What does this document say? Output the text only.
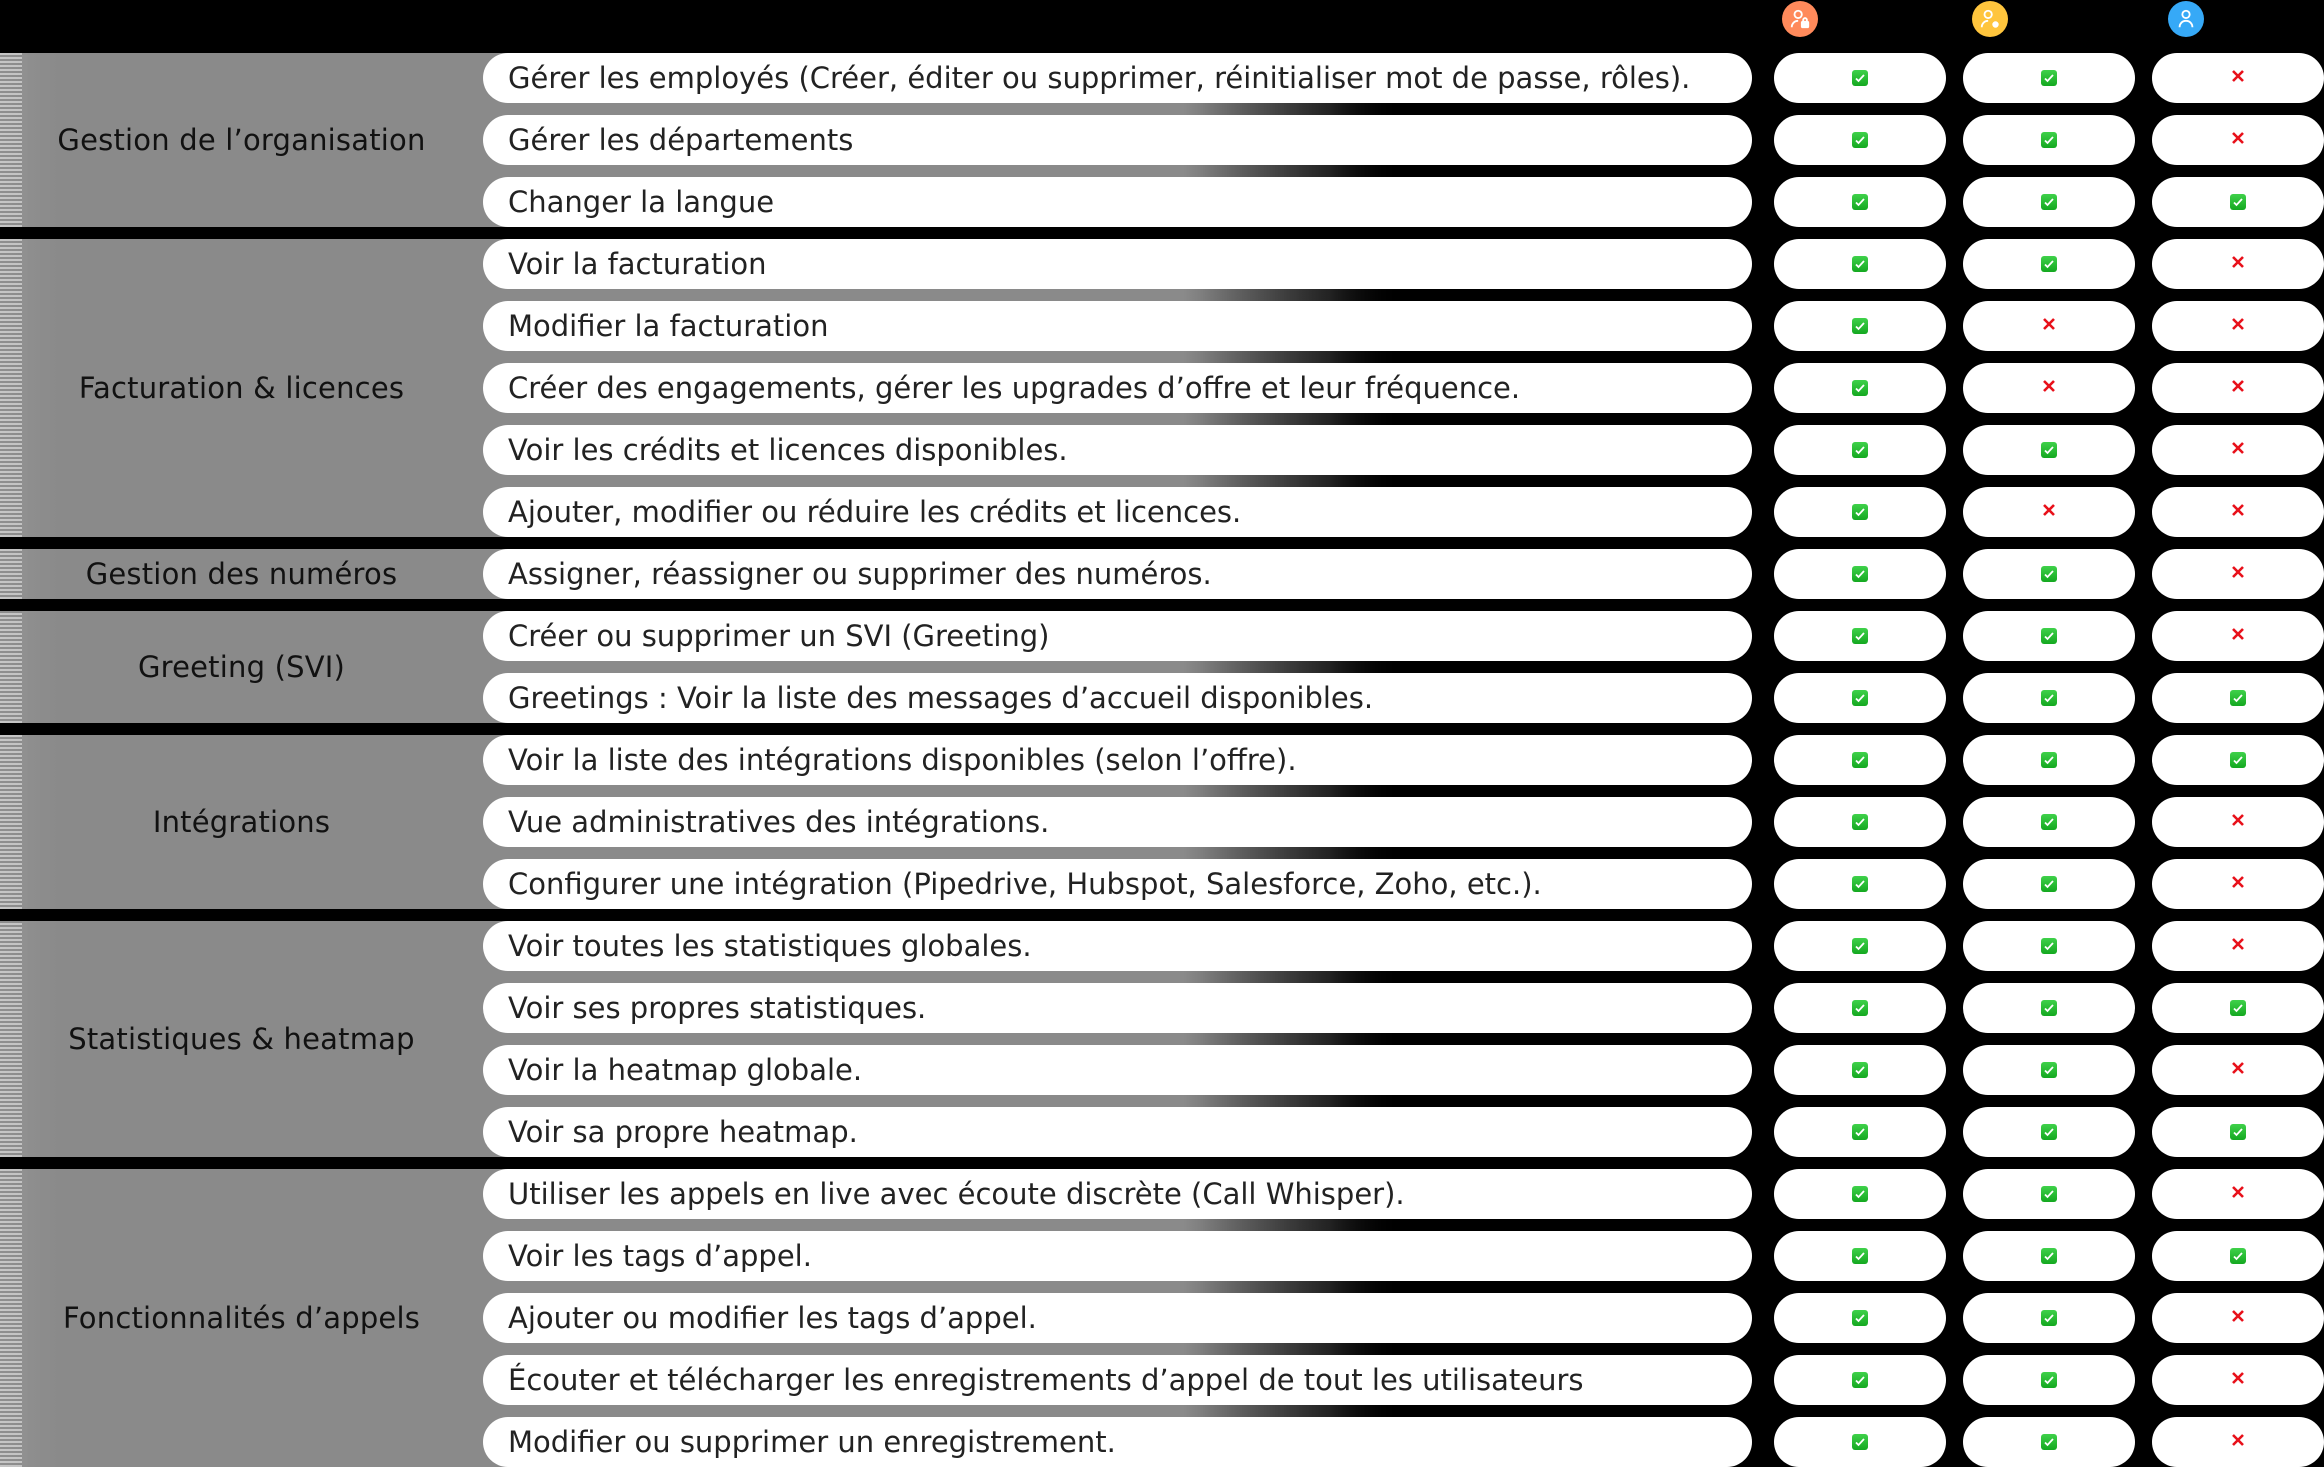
Gestion de l’organisation
Facturation & licences
Gestion des numéros
Greeting (SVI)
Intégrations
Statistiques & heatmap
Fonctionnalités d’appels
Gérer les employés (Créer, éditer ou supprimer, réinitialiser mot de passe, rôles).
Gérer les départements
Changer la langue
Voir la facturation
Modifier la facturation
Créer des engagements, gérer les upgrades d’offre et leur fréquence.
Voir les crédits et licences disponibles.
Ajouter, modifier ou réduire les crédits et licences.
Assigner, réassigner ou supprimer des numéros.
Créer ou supprimer un SVI (Greeting)
Greetings : Voir la liste des messages d’accueil disponibles.
Voir la liste des intégrations disponibles (selon l’offre).
Vue administratives des intégrations.
Configurer une intégration (Pipedrive, Hubspot, Salesforce, Zoho, etc.).
Voir toutes les statistiques globales.
Voir ses propres statistiques.
Voir la heatmap globale.
Voir sa propre heatmap.
Utiliser les appels en live avec écoute discrète (Call Whisper).
Voir les tags d’appel.
Ajouter ou modifier les tags d’appel.
Écouter et télécharger les enregistrements d’appel de tout les utilisateurs
Modifier ou supprimer un enregistrement.
